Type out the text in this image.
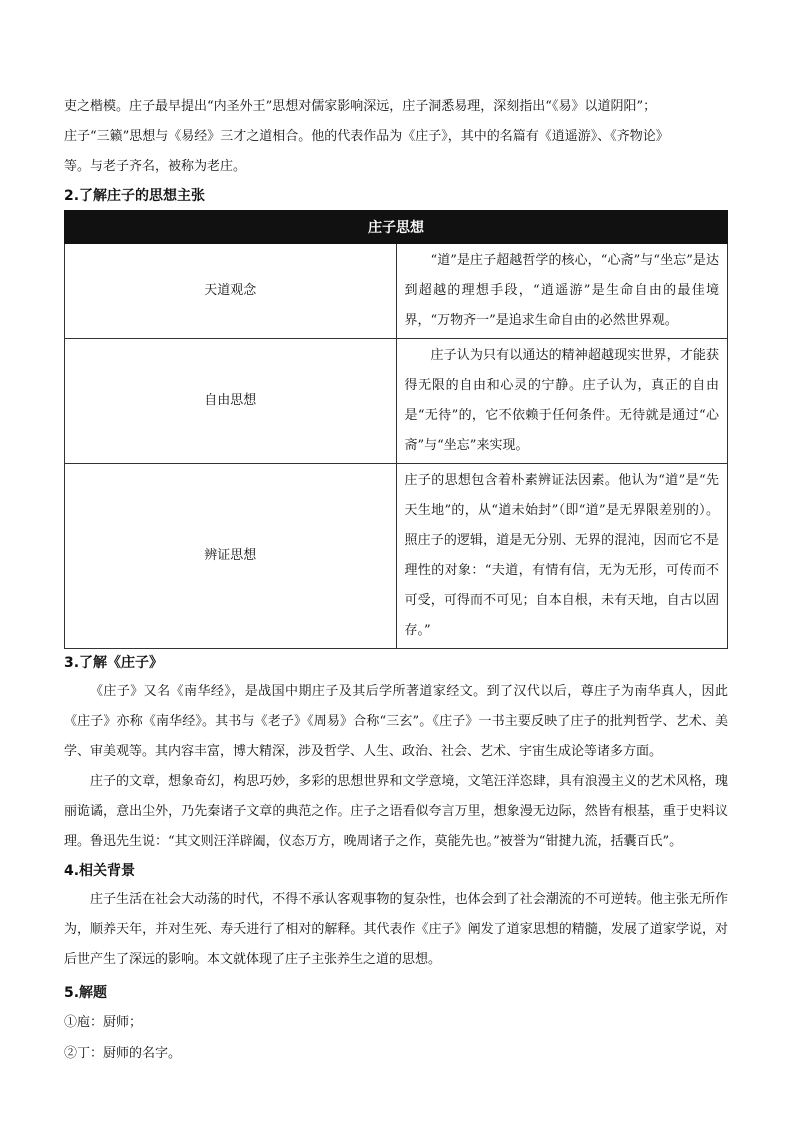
吏之楷模。庄子最早提出“内圣外王”思想对儒家影响深远，庄子洞悉易理，深刻指出“《易》以道阴阳”；

庄子“三籁”思想与《易经》三才之道相合。他的代表作品为《庄子》，其中的名篇有《逍遥游》、《齐物论》

等。与老子齐名，被称为老庄。

2.了解庄子的思想主张

庄子思想	
天道观念	“道”是庄子超越哲学的核心，“心斋”与“坐忘”是达到超越的理想手段，“逍遥游”是生命自由的最佳境界，“万物齐一”是追求生命自由的必然世界观。
自由思想	庄子认为只有以通达的精神超越现实世界，才能获得无限的自由和心灵的宁静。庄子认为，真正的自由是“无待”的，它不依赖于任何条件。无待就是通过“心斋”与“坐忘”来实现。
辨证思想	庄子的思想包含着朴素辨证法因素。他认为“道”是“先天生地”的，从“道未始封”（即“道”是无界限差别的）。照庄子的逻辑，道是无分别、无界的混沌，因而它不是理性的对象：“夫道，有情有信，无为无形，可传而不可受，可得而不可见；自本自根，未有天地，自古以固存。”

3.了解《庄子》

《庄子》又名《南华经》，是战国中期庄子及其后学所著道家经文。到了汉代以后，尊庄子为南华真人，因此《庄子》亦称《南华经》。其书与《老子》《周易》合称“三玄”。《庄子》一书主要反映了庄子的批判哲学、艺术、美学、审美观等。其内容丰富，博大精深，涉及哲学、人生、政治、社会、艺术、宇宙生成论等诸多方面。

庄子的文章，想象奇幻，构思巧妙，多彩的思想世界和文学意境，文笔汪洋恣肆，具有浪漫主义的艺术风格，瑰丽诡谲，意出尘外，乃先秦诸子文章的典范之作。庄子之语看似夸言万里，想象漫无边际，然皆有根基，重于史料议理。鲁迅先生说：“其文则汪洋辟阖，仪态万方，晚周诸子之作，莫能先也。”被誉为“钳揵九流，括囊百氏”。

4.相关背景

庄子生活在社会大动荡的时代，不得不承认客观事物的复杂性，也体会到了社会潮流的不可逆转。他主张无所作为，顺养天年，并对生死、寿夭进行了相对的解释。其代表作《庄子》阐发了道家思想的精髓，发展了道家学说，对后世产生了深远的影响。本文就体现了庄子主张养生之道的思想。

5.解题

①庖：厨师；

②丁：厨师的名字。
